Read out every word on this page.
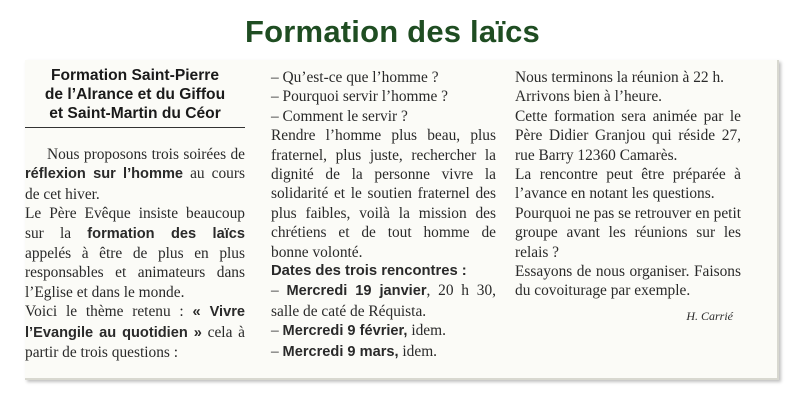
Formation des laïcs
Formation Saint-Pierre
de l’Alrance et du Giffou
et Saint-Martin du Céor

Nous proposons trois soirées de réflexion sur l’homme au cours de cet hiver.

Le Père Evêque insiste beaucoup sur la formation des laïcs appelés à être de plus en plus responsables et animateurs dans l’Eglise et dans le monde.

Voici le thème retenu : « Vivre l’Evangile au quotidien » cela à partir de trois questions :

– Qu’est-ce que l’homme ?

– Pourquoi servir l’homme ?

– Comment le servir ?

Rendre l’homme plus beau, plus fraternel, plus juste, rechercher la dignité de la personne vivre la solidarité et le soutien fraternel des plus faibles, voilà la mission des chrétiens et de tout homme de bonne volonté.

Dates des trois rencontres :

– Mercredi 19 janvier, 20 h 30, salle de caté de Réquista.

– Mercredi 9 février, idem.

– Mercredi 9 mars, idem.

Nous terminons la réunion à 22 h.

Arrivons bien à l’heure.

Cette formation sera animée par le Père Didier Granjou qui réside 27, rue Barry 12360 Camarès.

La rencontre peut être préparée à l’avance en notant les questions.

Pourquoi ne pas se retrouver en petit groupe avant les réunions sur les relais ?

Essayons de nous organiser. Faisons du covoiturage par exemple.

H. Carrié
